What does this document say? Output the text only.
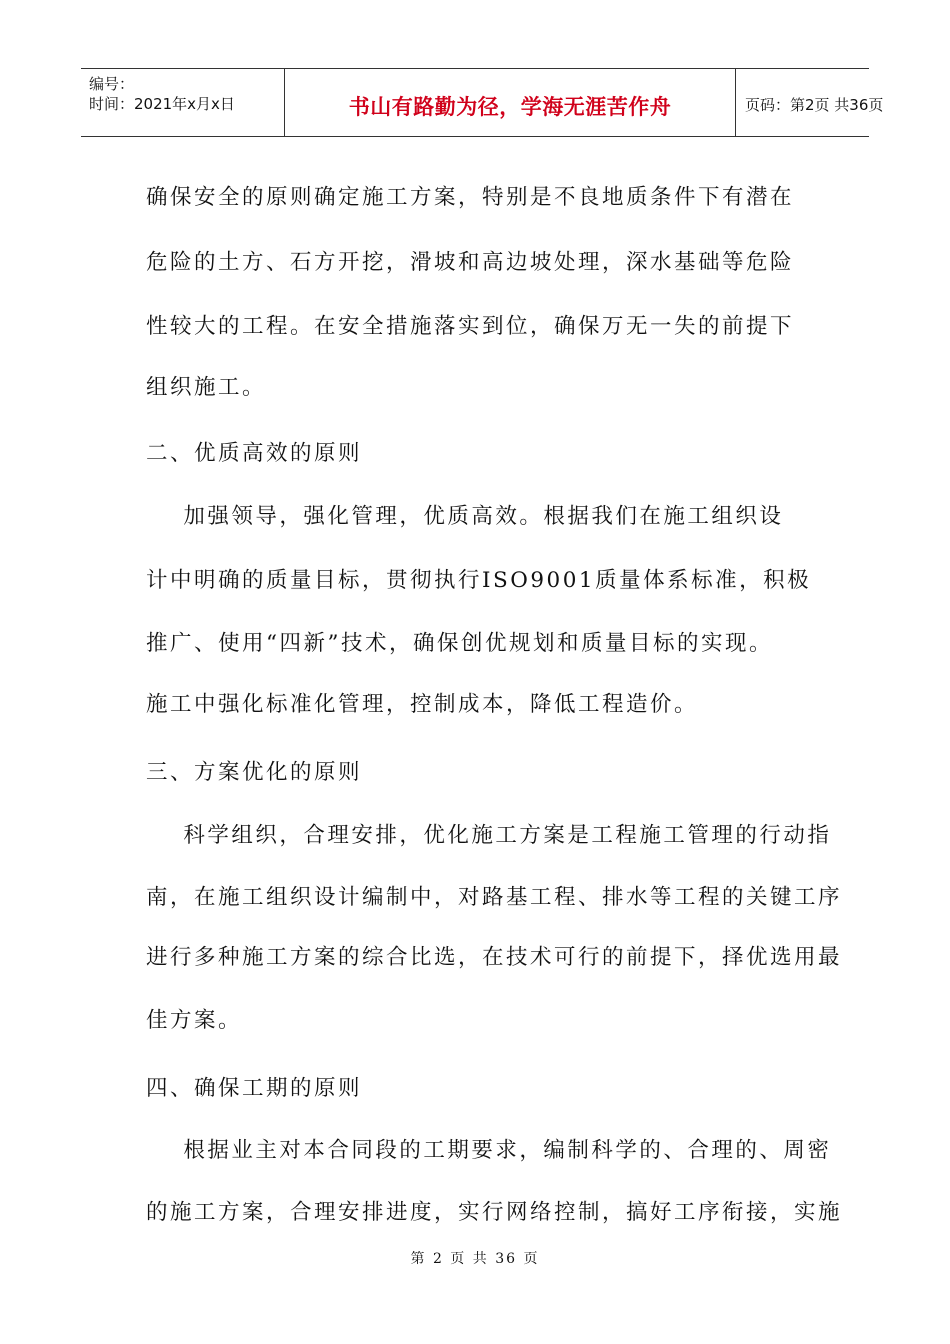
编号：
时间：2021年x月x日	书山有路勤为径，学海无涯苦作舟	页码：第2页 共36页
确保安全的原则确定施工方案，特别是不良地质条件下有潜在
危险的土方、石方开挖，滑坡和高边坡处理，深水基础等危险
性较大的工程。在安全措施落实到位，确保万无一失的前提下
组织施工。
二、优质高效的原则
加强领导，强化管理，优质高效。根据我们在施工组织设
计中明确的质量目标，贯彻执行ISO9001质量体系标准，积极
推广、使用“四新”技术，确保创优规划和质量目标的实现。
施工中强化标准化管理，控制成本，降低工程造价。
三、方案优化的原则
科学组织，合理安排，优化施工方案是工程施工管理的行动指
南，在施工组织设计编制中，对路基工程、排水等工程的关键工序
进行多种施工方案的综合比选，在技术可行的前提下，择优选用最
佳方案。
四、确保工期的原则
根据业主对本合同段的工期要求，编制科学的、合理的、周密
的施工方案，合理安排进度，实行网络控制，搞好工序衔接，实施
第 2 页 共 36 页
